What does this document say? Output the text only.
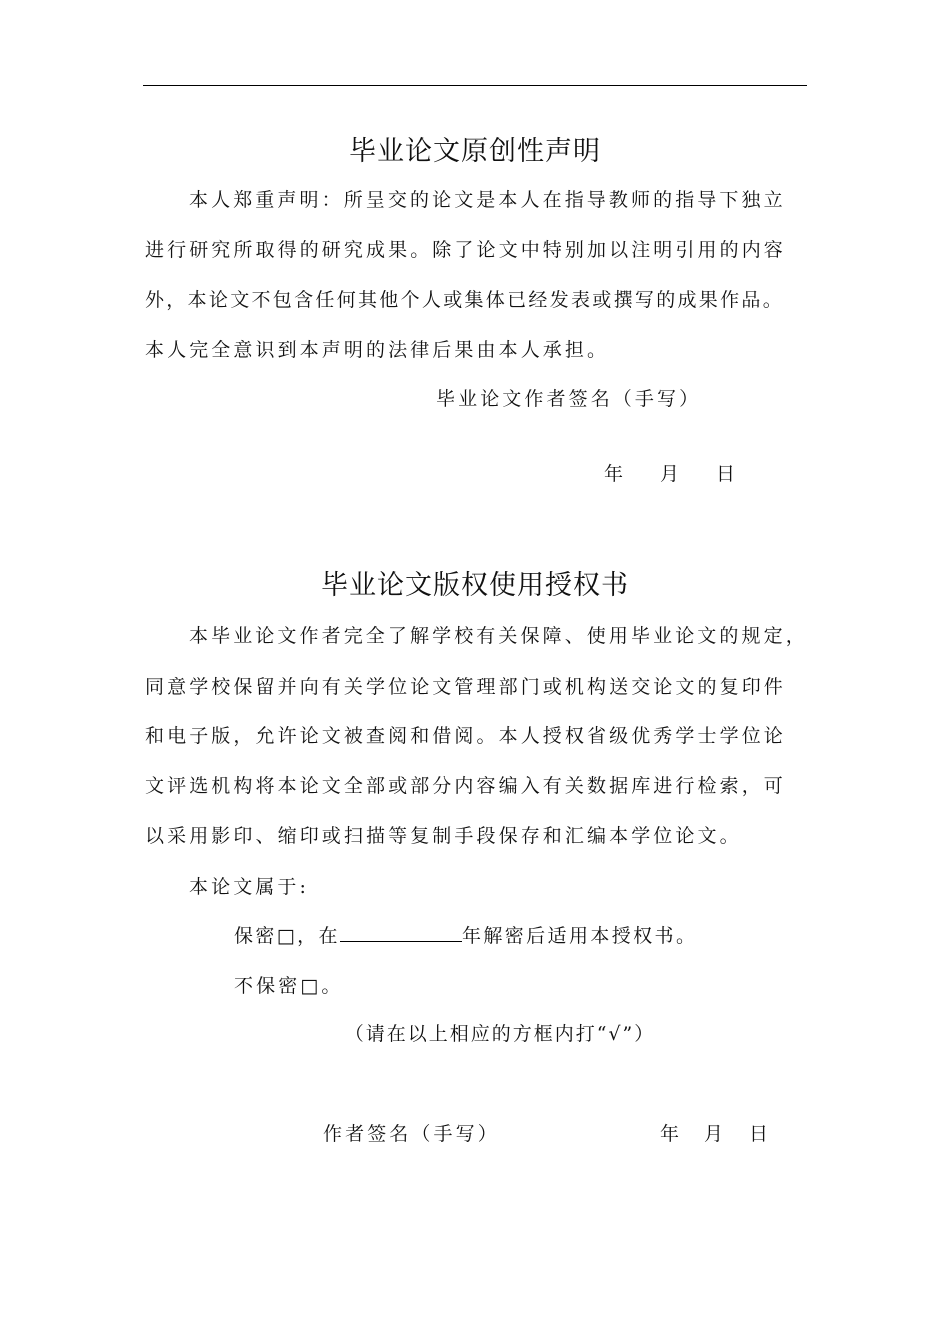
毕业论文原创性声明
本人郑重声明：所呈交的论文是本人在指导教师的指导下独立
进行研究所取得的研究成果。除了论文中特别加以注明引用的内容
外，本论文不包含任何其他个人或集体已经发表或撰写的成果作品。
本人完全意识到本声明的法律后果由本人承担。
毕业论文作者签名（手写）
年 月 日
毕业论文版权使用授权书
本毕业论文作者完全了解学校有关保障、使用毕业论文的规定，
同意学校保留并向有关学位论文管理部门或机构送交论文的复印件
和电子版，允许论文被查阅和借阅。本人授权省级优秀学士学位论
文评选机构将本论文全部或部分内容编入有关数据库进行检索，可
以采用影印、缩印或扫描等复制手段保存和汇编本学位论文。
本论文属于:
保密□，在	年解密后适用本授权书。
不保密□。
（请在以上相应的方框内打“√”）
作者签名（手写）	年 月 日
